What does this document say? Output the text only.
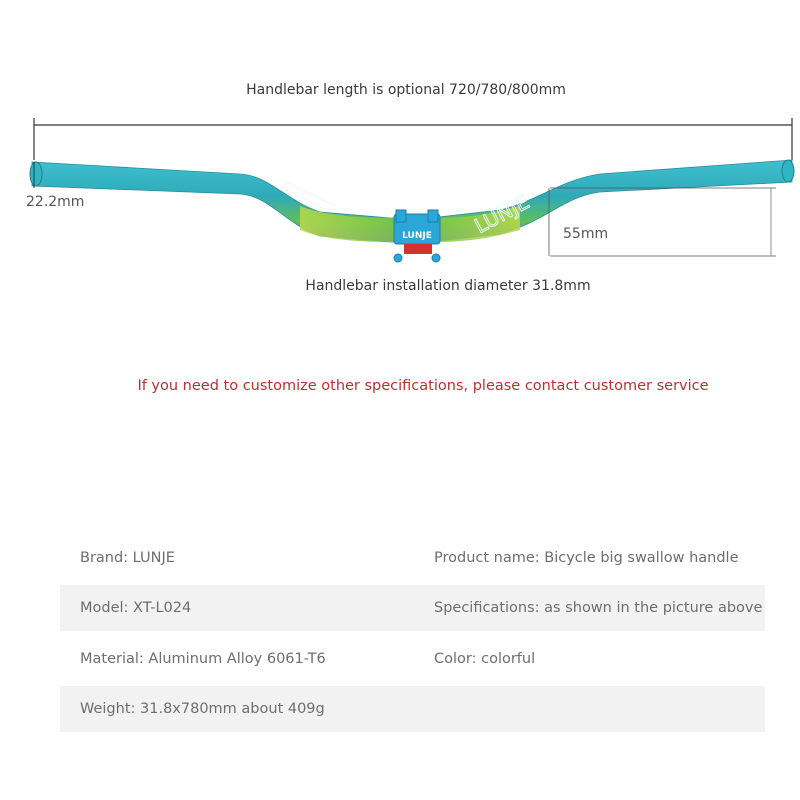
Handlebar length is optional 720/780/800mm
LUNJE
LUNJE
22.2mm
55mm
Handlebar installation diameter 31.8mm
If you need to customize other specifications, please contact customer service
Brand: LUNJE	Product name: Bicycle big swallow handle
Model: XT-L024	Specifications: as shown in the picture above
Material: Aluminum Alloy 6061-T6	Color: colorful
Weight: 31.8x780mm about 409g
